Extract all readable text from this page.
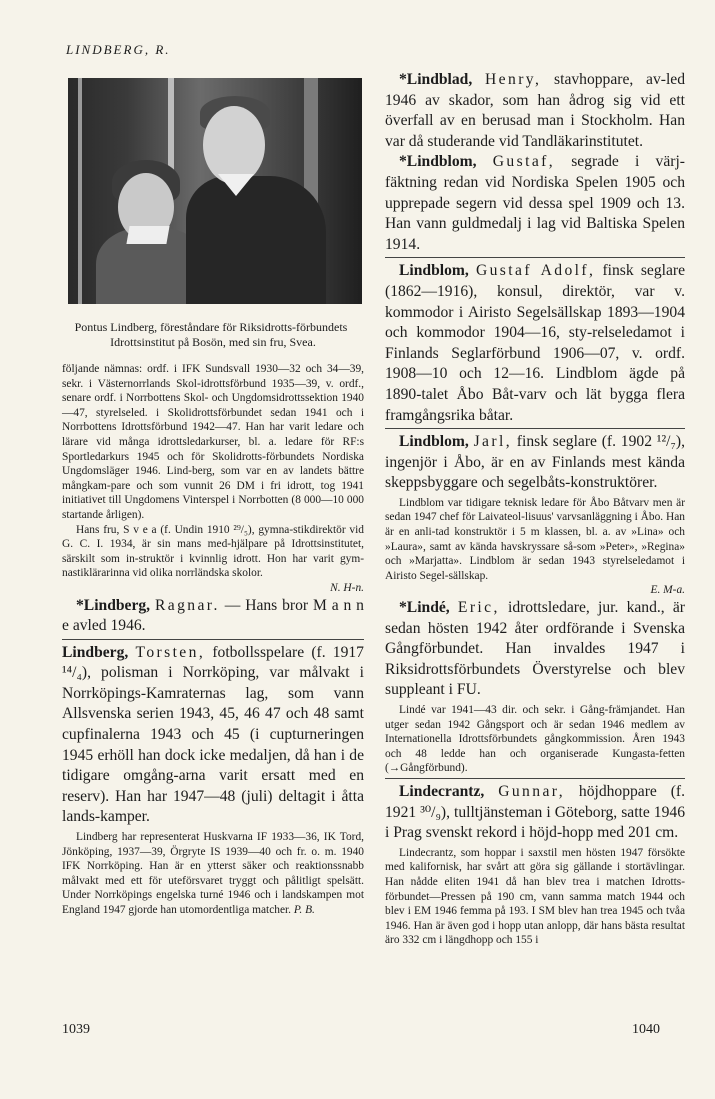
LINDBERG, R.

Pontus Lindberg, föreståndare för Riksidrotts-förbundets Idrottsinstitut på Bosön, med sin fru, Svea.

följande nämnas: ordf. i IFK Sundsvall 1930—32 och 34—39, sekr. i Västernorrlands Skol-idrottsförbund 1935—39, v. ordf., senare ordf. i Norrbottens Skol- och Ungdomsidrottssektion 1940—47, styrelseled. i Skolidrottsförbundet sedan 1941 och i Norrbottens Idrottsförbund 1942—47. Han har varit ledare och lärare vid många idrottsledarkurser, bl. a. ledare för RF:s Sportledarkurs 1945 och för Skolidrotts-förbundets Nordiska Ungdomsläger 1946. Lind-berg, som var en av landets bättre mångkam-pare och som vunnit 26 DM i fri idrott, tog 1941 initiativet till Ungdomens Vinterspel i Norrbotten (8 000—10 000 startande årligen).

Hans fru, S v e a (f. Undin 1910 ²⁹/₅), gymna-stikdirektör vid G. C. I. 1934, är sin mans med-hjälpare på Idrottsinstitutet, särskilt som in-struktör i kvinnlig idrott. Hon har varit gym-nastiklärarinna vid olika norrländska skolor.

N. H-n.

*Lindberg, Ragnar. — Hans bror M a n n e avled 1946.

Lindberg, Torsten, fotbollsspelare (f. 1917 ¹⁴/₄), polisman i Norrköping, var målvakt i Norrköpings-Kamraternas lag, som vann Allsvenska serien 1943, 45, 46 47 och 48 samt cupfinalerna 1943 och 45 (i cupturneringen 1945 erhöll han dock icke medaljen, då han i de tidigare omgång-arna varit ersatt med en reserv). Han har 1947—48 (juli) deltagit i åtta lands-kamper.

Lindberg har representerat Huskvarna IF 1933—36, IK Tord, Jönköping, 1937—39, Örgryte IS 1939—40 och fr. o. m. 1940 IFK Norrköping. Han är en ytterst säker och reaktionssnabb målvakt med ett för uteförsvaret tryggt och pålitligt spelsätt. Under Norrköpings engelska turné 1946 och i landskampen mot England 1947 gjorde han utomordentliga matcher. P. B.

*Lindblad, Henry, stavhoppare, av-led 1946 av skador, som han ådrog sig vid ett överfall av en berusad man i Stockholm. Han var då studerande vid Tandläkarinstitutet.

*Lindblom, Gustaf, segrade i värj-fäktning redan vid Nordiska Spelen 1905 och upprepade segern vid dessa spel 1909 och 13. Han vann guldmedalj i lag vid Baltiska Spelen 1914.

Lindblom, Gustaf Adolf, finsk seglare (1862—1916), konsul, direktör, var v. kommodor i Airisto Segelsällskap 1893—1904 och kommodor 1904—16, sty-relseledamot i Finlands Seglarförbund 1906—07, v. ordf. 1908—10 och 12—16. Lindblom ägde på 1890-talet Åbo Båt-varv och lät bygga flera framgångsrika båtar.

Lindblom, Jarl, finsk seglare (f. 1902 ¹²/₇), ingenjör i Åbo, är en av Finlands mest kända skeppsbyggare och segelbåts-konstruktörer.

Lindblom var tidigare teknisk ledare för Åbo Båtvarv men är sedan 1947 chef för Laivateol-lisuus' varvsanläggning i Åbo. Han är en anli-tad konstruktör i 5 m klassen, bl. a. av »Lina» och »Laura», samt av kända havskryssare så-som »Peter», »Regina» och »Marjatta». Lindblom är sedan 1943 styrelseledamot i Airisto Segel-sällskap.

E. M-a.

*Lindé, Eric, idrottsledare, jur. kand., är sedan hösten 1942 åter ordförande i Svenska Gångförbundet. Han invaldes 1947 i Riksidrottsförbundets Överstyrelse och blev suppleant i FU.

Lindé var 1941—43 dir. och sekr. i Gång-främjandet. Han utger sedan 1942 Gångsport och är sedan 1946 medlem av Internationella Idrottsförbundets gångkommission. Åren 1943 och 48 ledde han och organiserade Kungasta-fetten (→Gångförbund).

Lindecrantz, Gunnar, höjdhoppare (f. 1921 ³⁰/₉), tulltjänsteman i Göteborg, satte 1946 i Prag svenskt rekord i höjd-hopp med 201 cm.

Lindecrantz, som hoppar i saxstil men hösten 1947 försökte med kalifornisk, har svårt att göra sig gällande i stortävlingar. Han nådde eliten 1941 då han blev trea i matchen Idrotts-förbundet—Pressen på 190 cm, vann samma match 1944 och blev i EM 1946 femma på 193. I SM blev han trea 1945 och tvåa 1946. Han är även god i hopp utan anlopp, där hans bästa resultat äro 332 cm i längdhopp och 155 i

1039	1040
